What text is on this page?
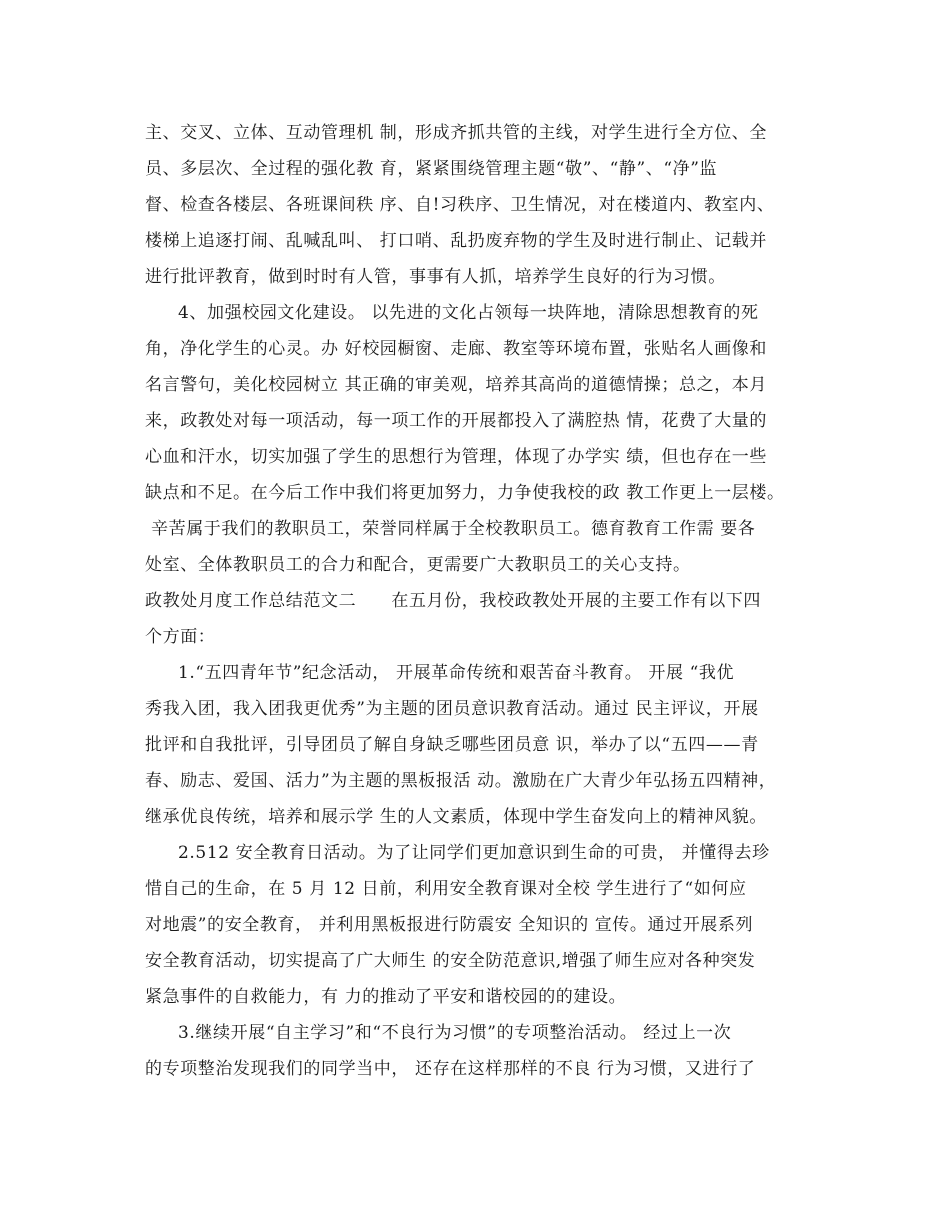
主、交叉、立体、互动管理机 制，形成齐抓共管的主线，对学生进行全方位、全
员、多层次、全过程的强化教 育，紧紧围绕管理主题“敬”、“静”、“净”监
督、检查各楼层、各班课间秩 序、自!习秩序、卫生情况，对在楼道内、教室内、
楼梯上追逐打闹、乱喊乱叫、 打口哨、乱扔废弃物的学生及时进行制止、记载并
进行批评教育，做到时时有人管，事事有人抓，培养学生良好的行为习惯。
4、加强校园文化建设。 以先进的文化占领每一块阵地，清除思想教育的死
角，净化学生的心灵。办 好校园橱窗、走廊、教室等环境布置，张贴名人画像和
名言警句，美化校园树立 其正确的审美观，培养其高尚的道德情操；总之，本月
来，政教处对每一项活动，每一项工作的开展都投入了满腔热 情，花费了大量的
心血和汗水，切实加强了学生的思想行为管理，体现了办学实 绩，但也存在一些
缺点和不足。在今后工作中我们将更加努力，力争使我校的政 教工作更上一层楼。
辛苦属于我们的教职员工，荣誉同样属于全校教职员工。德育教育工作需 要各
处室、全体教职员工的合力和配合，更需要广大教职员工的关心支持。
政教处月度工作总结范文二　　在五月份，我校政教处开展的主要工作有以下四
个方面：
1.“五四青年节”纪念活动， 开展革命传统和艰苦奋斗教育。 开展 “我优
秀我入团，我入团我更优秀”为主题的团员意识教育活动。通过 民主评议，开展
批评和自我批评，引导团员了解自身缺乏哪些团员意 识，举办了以“五四——青
春、励志、爱国、活力”为主题的黑板报活 动。激励在广大青少年弘扬五四精神，
继承优良传统，培养和展示学 生的人文素质，体现中学生奋发向上的精神风貌。
2.512 安全教育日活动。为了让同学们更加意识到生命的可贵， 并懂得去珍
惜自己的生命，在 5 月 12 日前，利用安全教育课对全校 学生进行了“如何应
对地震”的安全教育， 并利用黑板报进行防震安 全知识的 宣传。通过开展系列
安全教育活动，切实提高了广大师生 的安全防范意识,增强了师生应对各种突发
紧急事件的自救能力，有 力的推动了平安和谐校园的的建设。
3.继续开展“自主学习”和“不良行为习惯”的专项整治活动。 经过上一次
的专项整治发现我们的同学当中， 还存在这样那样的不良 行为习惯，又进行了
